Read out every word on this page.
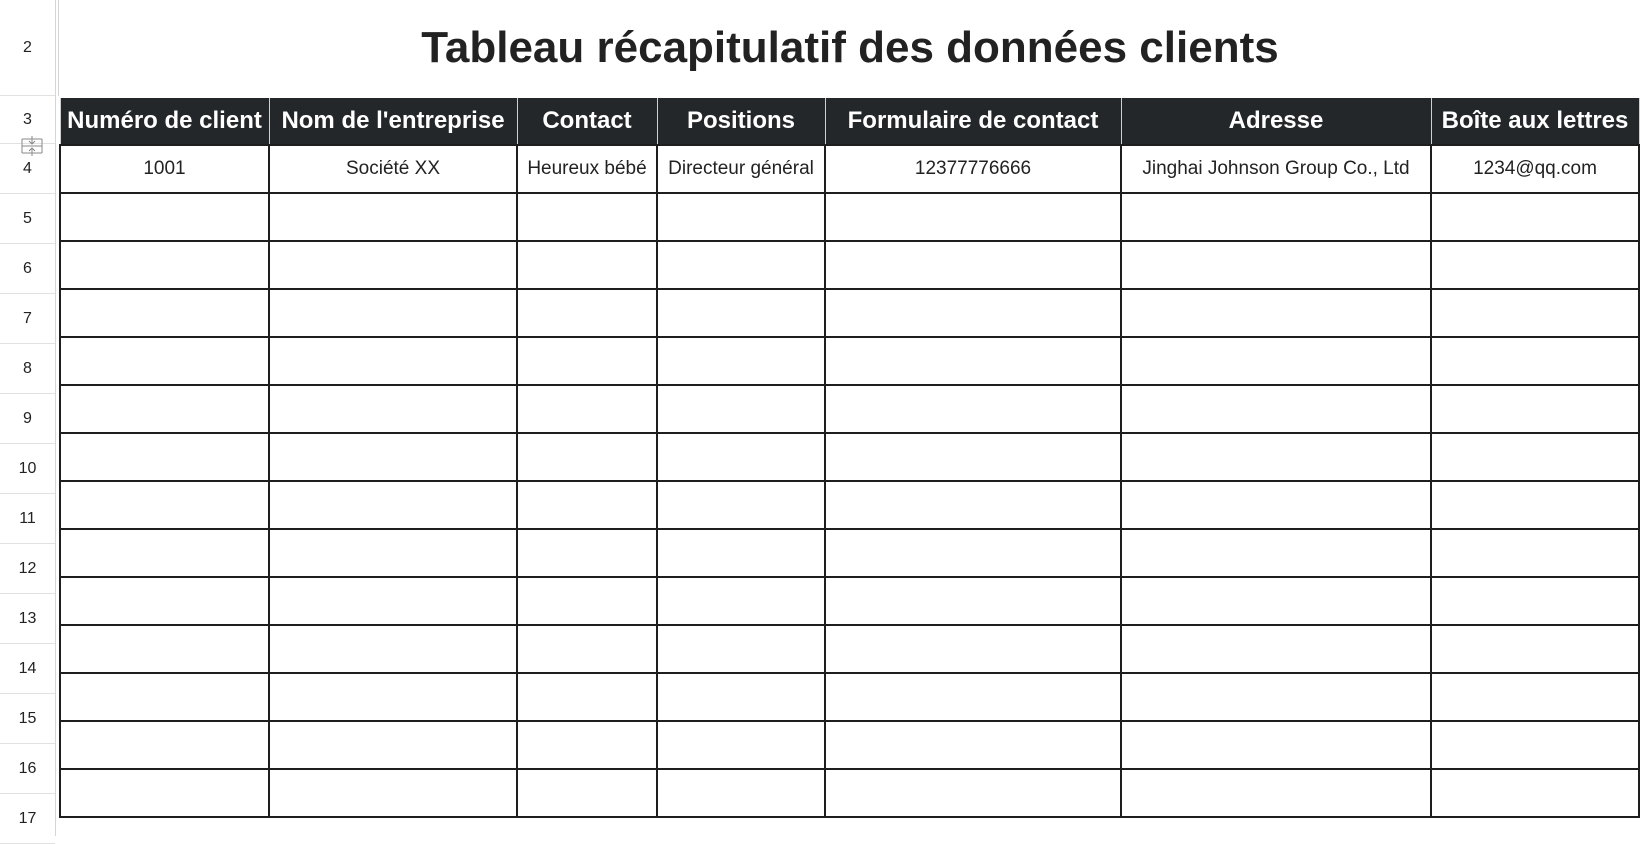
2
3
4
5
6
7
8
9
10
11
12
13
14
15
16
17
Tableau récapitulatif des données clients
Numéro de client	Nom de l'entreprise	Contact	Positions	Formulaire de contact	Adresse	Boîte aux lettres
1001	Société XX	Heureux bébé	Directeur général	12377776666	Jinghai Johnson Group Co., Ltd	1234@qq.com
